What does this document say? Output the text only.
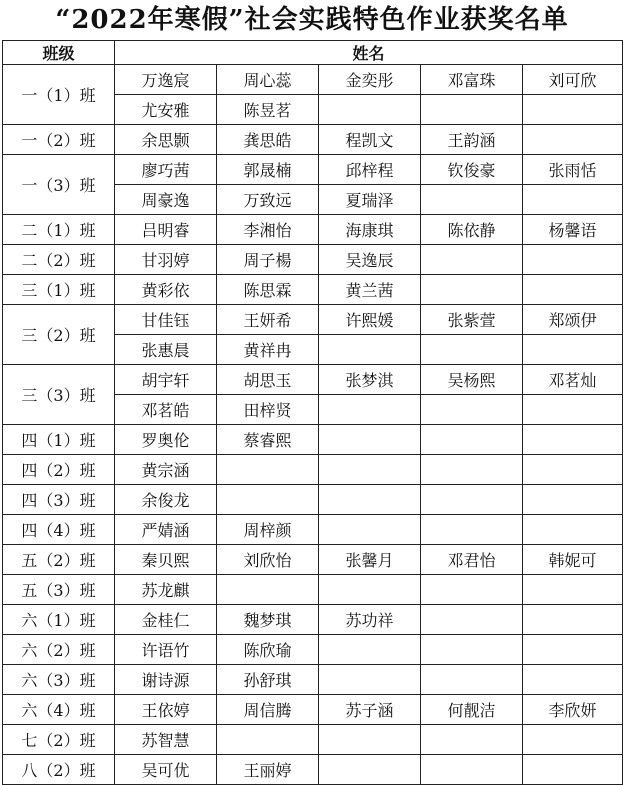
“2022年寒假”社会实践特色作业获奖名单
班级	姓名				
一（1）班	万逸宸	周心蕊	金奕彤	邓富珠	刘可欣
	尤安雅	陈昱茗			
一（2）班	余思颢	龚思皓	程凯文	王韵涵	
一（3）班	廖巧茜	郭晟楠	邱梓程	钦俊豪	张雨恬
	周豪逸	万致远	夏瑞泽		
二（1）班	吕明睿	李湘怡	海康琪	陈依静	杨馨语
二（2）班	甘羽婷	周子楊	吴逸辰		
三（1）班	黄彩依	陈思霖	黄兰茜		
三（2）班	甘佳钰	王妍希	许熙媛	张紫萱	郑颂伊
	张惠晨	黄祥冉			
三（3）班	胡宇轩	胡思玉	张梦淇	吴杨熙	邓茗灿
	邓茗皓	田梓贤			
四（1）班	罗奥伦	蔡睿熙			
四（2）班	黄宗涵				
四（3）班	余俊龙				
四（4）班	严婧涵	周梓颜			
五（2）班	秦贝熙	刘欣怡	张馨月	邓君怡	韩妮可
五（3）班	苏龙麒				
六（1）班	金桂仁	魏梦琪	苏功祥		
六（2）班	许语竹	陈欣瑜			
六（3）班	谢诗源	孙舒琪			
六（4）班	王依婷	周信腾	苏子涵	何靓洁	李欣妍
七（2）班	苏智慧				
八（2）班	吴可优	王丽婷			
